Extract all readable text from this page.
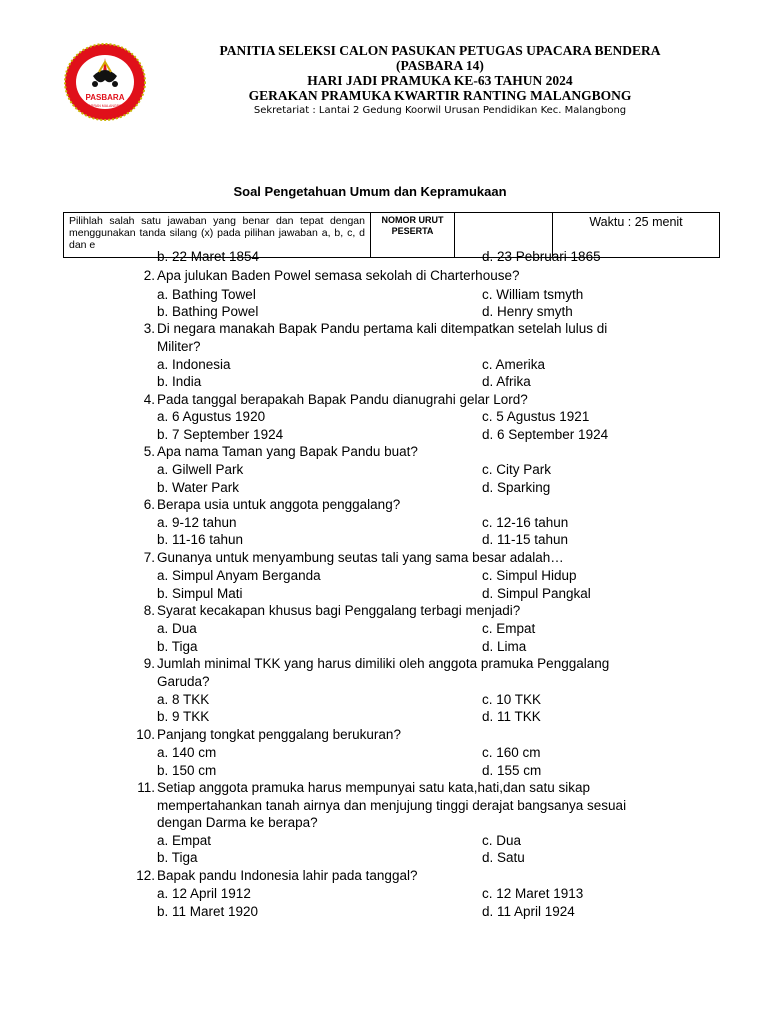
PASBARA
KWARRAN MALANGBONG
PANITIA SELEKSI CALON PASUKAN PETUGAS UPACARA BENDERA
(PASBARA 14)
HARI JADI PRAMUKA KE-63 TAHUN 2024
GERAKAN PRAMUKA KWARTIR RANTING MALANGBONG
Sekretariat : Lantai 2 Gedung Koorwil Urusan Pendidikan Kec. Malangbong
Soal Pengetahuan Umum dan Kepramukaan
b. 22 Maret 1854	d. 23 Pebruari 1865
Pilihlah salah satu jawaban yang benar dan tepat dengan menggunakan tanda silang (x) pada pilihan jawaban a, b, c, d dan e	NOMOR URUT PESERTA		Waktu : 25 menit
2. Apa julukan Baden Powel semasa sekolah di Charterhouse?
a. Bathing Towel	c. William tsmyth
b. Bathing Powel	d. Henry smyth
3. Di negara manakah Bapak Pandu pertama kali ditempatkan setelah lulus di Militer?
a. Indonesia	c. Amerika
b. India	d. Afrika
4. Pada tanggal berapakah Bapak Pandu dianugrahi gelar Lord?
a. 6 Agustus 1920	c. 5 Agustus 1921
b. 7 September 1924	d. 6 September 1924
5. Apa nama Taman yang Bapak Pandu buat?
a. Gilwell Park	c. City Park
b. Water Park	d. Sparking
6. Berapa usia untuk anggota penggalang?
a. 9-12 tahun	c. 12-16 tahun
b. 11-16 tahun	d. 11-15 tahun
7. Gunanya untuk menyambung seutas tali yang sama besar adalah…
a. Simpul Anyam Berganda	c. Simpul Hidup
b. Simpul Mati	d. Simpul Pangkal
8. Syarat kecakapan khusus bagi Penggalang terbagi menjadi?
a. Dua	c. Empat
b. Tiga	d. Lima
9. Jumlah minimal TKK yang harus dimiliki oleh anggota pramuka Penggalang Garuda?
a. 8 TKK	c. 10 TKK
b. 9 TKK	d. 11 TKK
10. Panjang tongkat penggalang berukuran?
a. 140 cm	c. 160 cm
b. 150 cm	d. 155 cm
11. Setiap anggota pramuka harus mempunyai satu kata,hati,dan satu sikap mempertahankan tanah airnya dan menjujung tinggi derajat bangsanya sesuai dengan Darma ke berapa?
a. Empat	c. Dua
b. Tiga	d. Satu
12. Bapak pandu Indonesia lahir pada tanggal?
a. 12 April 1912	c. 12 Maret 1913
b. 11 Maret 1920	d. 11 April 1924
